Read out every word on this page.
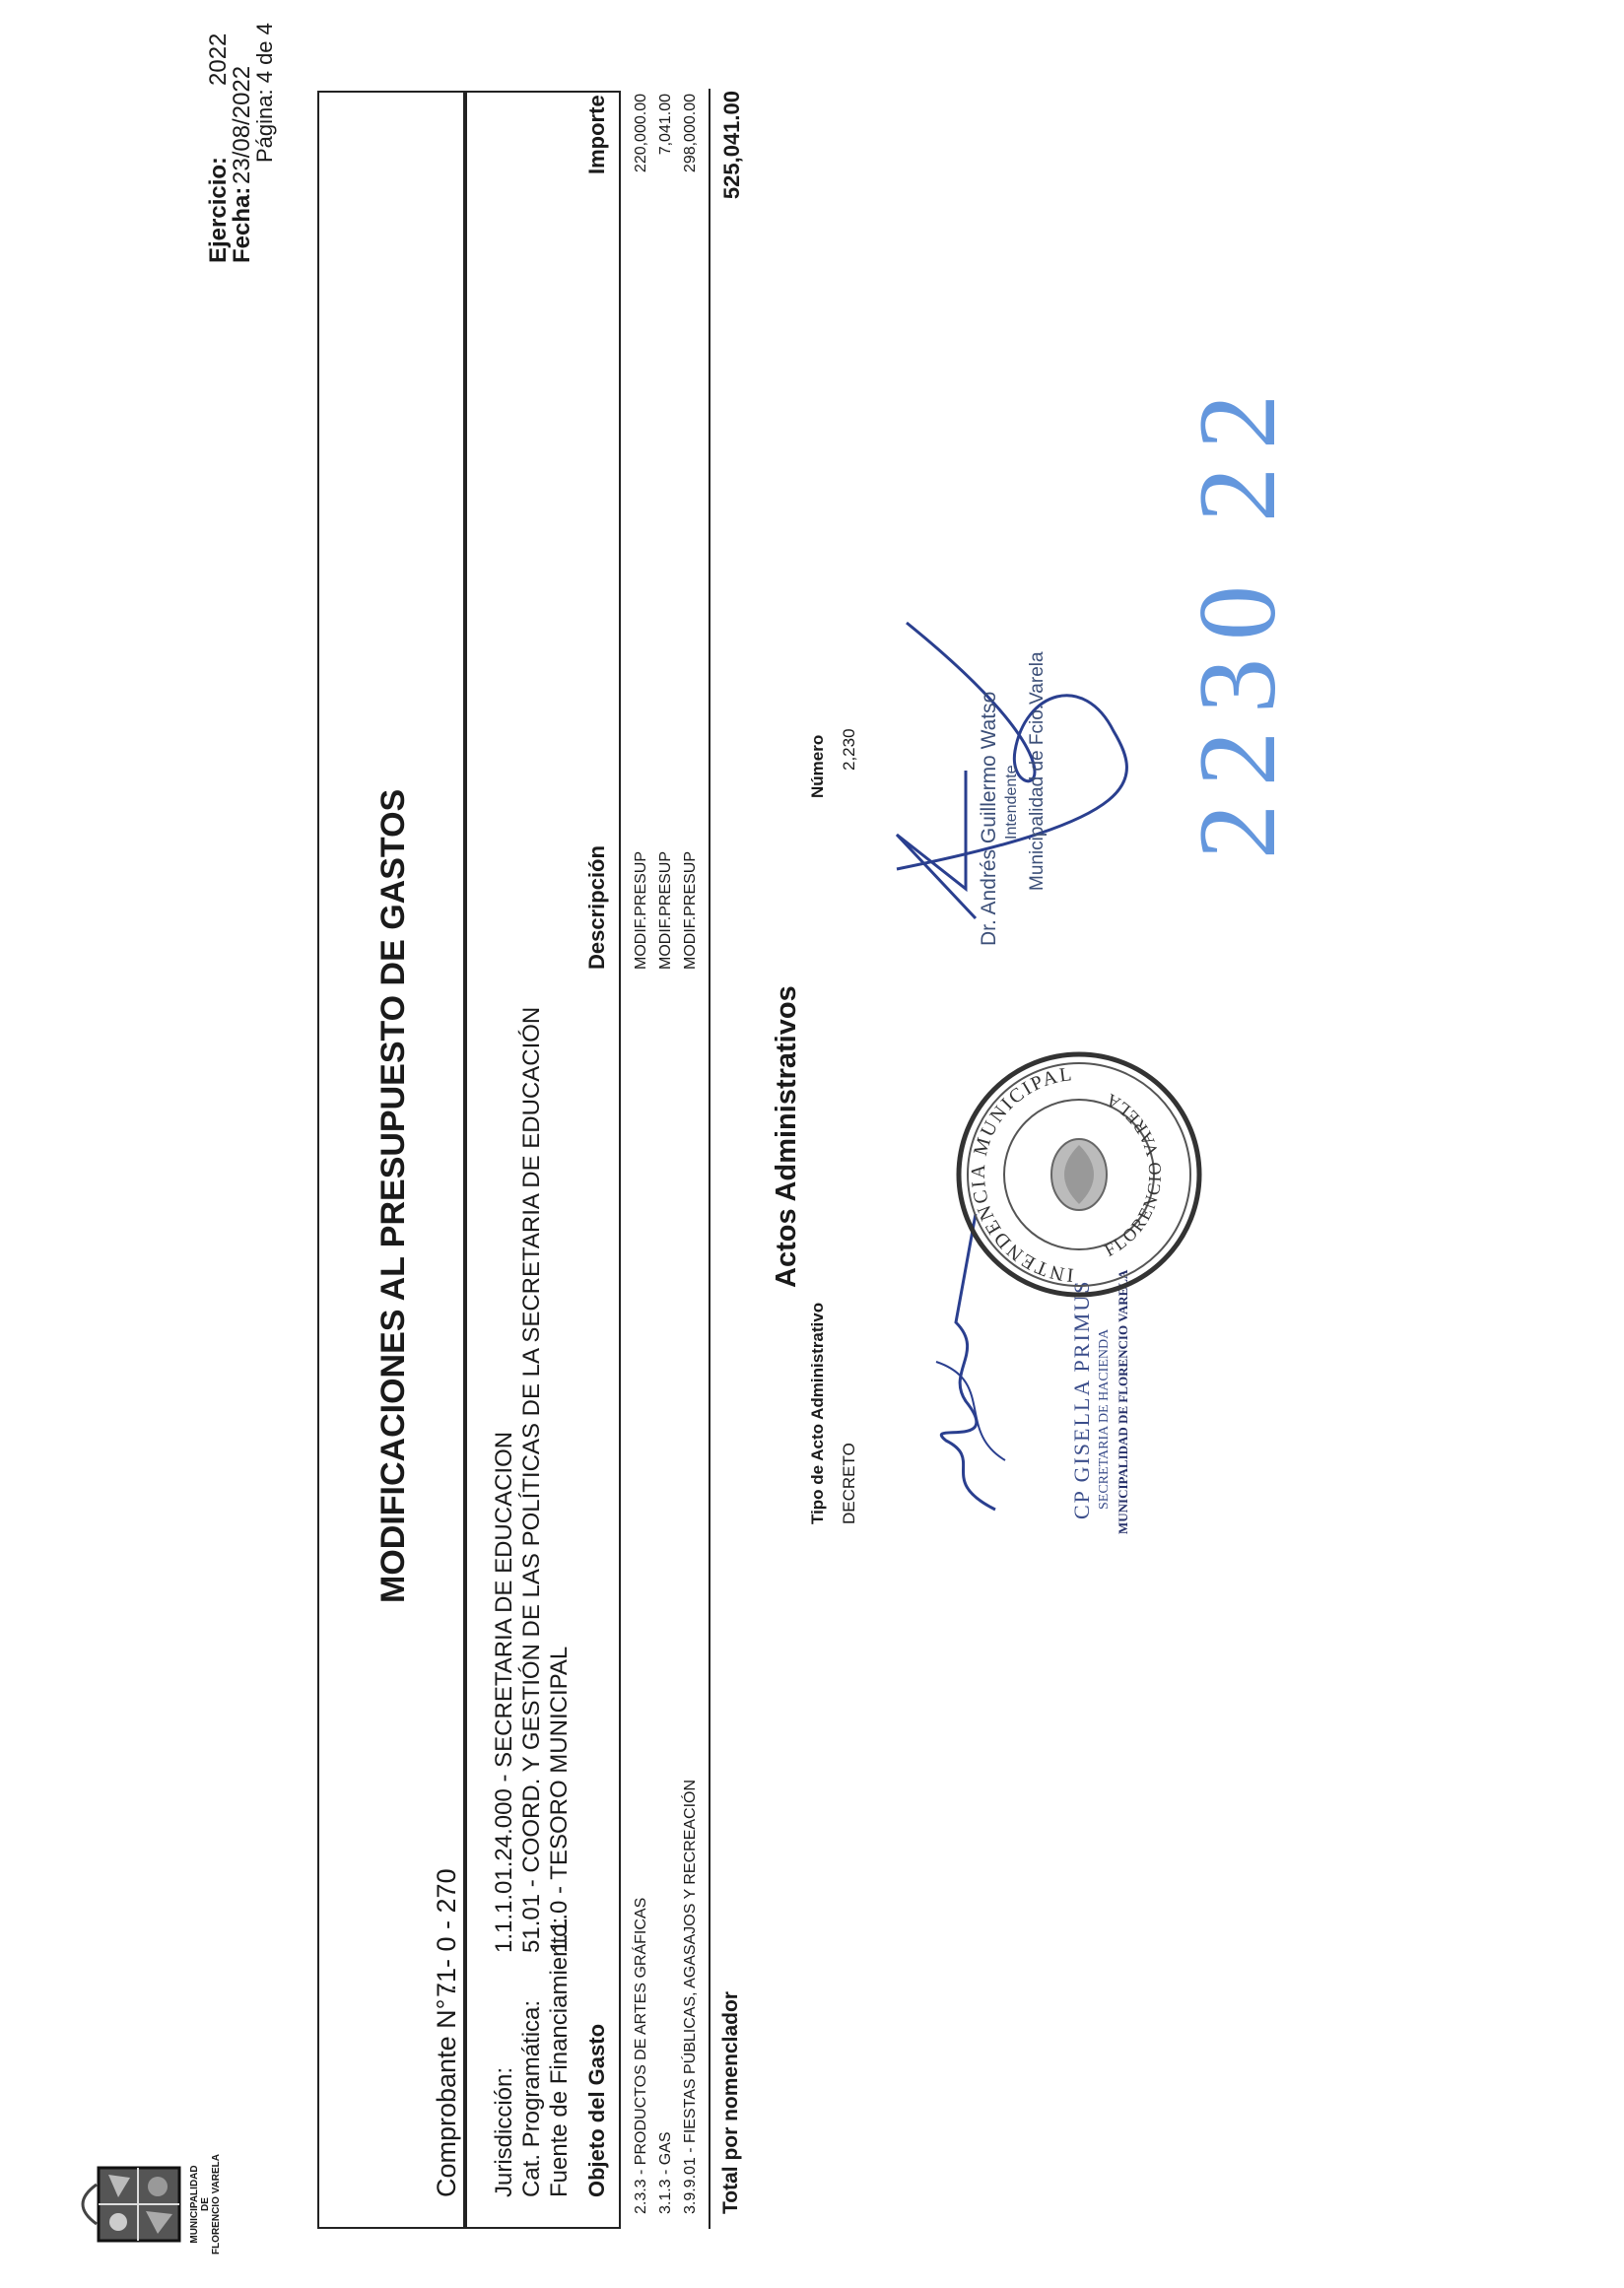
MUNICIPALIDAD DE FLORENCIO VARELA
Ejercicio:
2022
Fecha:
23/08/2022
Página: 4 de 4
MODIFICACIONES AL PRESUPUESTO DE GASTOS
Comprobante N° :
71- 0 - 270
Jurisdicción:
1.1.1.01.24.000 - SECRETARIA DE EDUCACION
Cat. Programática:
51.01 - COORD. Y GESTIÓN DE LAS POLÍTICAS DE LA SECRETARIA DE EDUCACIÓN
Fuente de Financiamiento:
1.1.0 - TESORO MUNICIPAL
Objeto del Gasto
Descripción
Importe
2.3.3 - PRODUCTOS DE ARTES GRÁFICAS
MODIF.PRESUP
220,000.00
3.1.3 - GAS
MODIF.PRESUP
7,041.00
3.9.9.01 - FIESTAS PÚBLICAS, AGASAJOS Y RECREACIÓN
MODIF.PRESUP
298,000.00
Total por nomenclador
525,041.00
Actos Administrativos
Tipo de Acto Administrativo DECRETO
Número 2,230
CP GISELLA PRIMUS SECRETARIA DE HACIENDA MUNICIPALIDAD DE FLORENCIO VARELA
INTENDENCIA MUNICIPAL
FLORENCIO VARELA
Dr. Andrés Guillermo Watso Intendente Municipalidad de Fcio.Varela 2230 22
